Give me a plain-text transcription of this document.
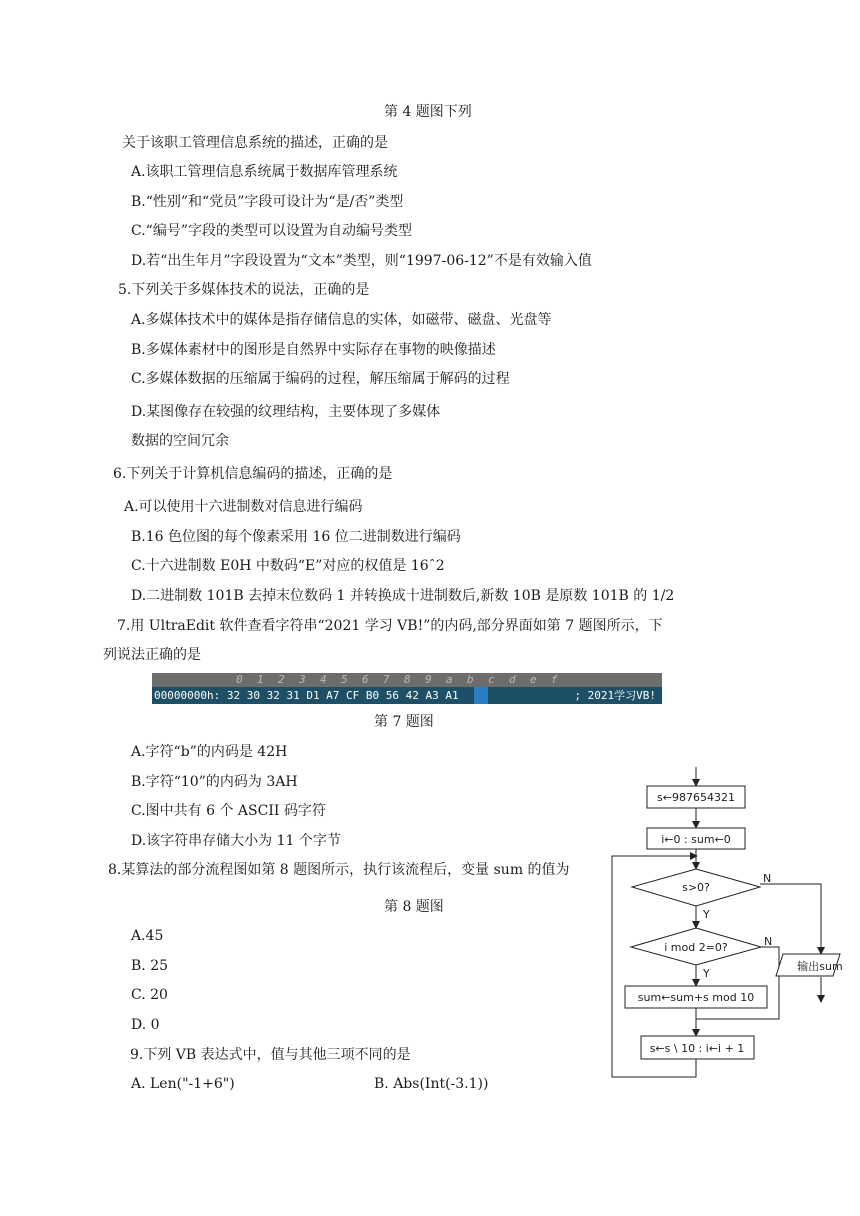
第 4 题图下列
关于该职工管理信息系统的描述，正确的是
A.该职工管理信息系统属于数据库管理系统
B.“性别”和“党员”字段可设计为“是/否”类型
C.“编号”字段的类型可以设置为自动编号类型
D.若“出生年月”字段设置为“文本”类型，则“1997-06-12”不是有效输入值
5.下列关于多媒体技术的说法，正确的是
A.多媒体技术中的媒体是指存储信息的实体，如磁带、磁盘、光盘等
B.多媒体素材中的图形是自然界中实际存在事物的映像描述
C.多媒体数据的压缩属于编码的过程，解压缩属于解码的过程
D.某图像存在较强的纹理结构，主要体现了多媒体
数据的空间冗余
6.下列关于计算机信息编码的描述，正确的是
A.可以使用十六进制数对信息进行编码
B.16 色位图的每个像素采用 16 位二进制数进行编码
C.十六进制数 E0H 中数码“E”对应的权值是 16ˆ2
D.二进制数 101B 去掉末位数码 1 并转换成十进制数后,新数 10B 是原数 101B 的 1/2
7.用 UltraEdit 软件查看字符串“2021 学习 VB!”的内码,部分界面如第 7 题图所示，下
列说法正确的是
0 1 2 3 4 5 6 7 8 9 a b c d e f
00000000h: 32 30 32 31 D1 A7 CF B0 56 42 A3 A1	; 2021学习VB!
第 7 题图
A.字符“b”的内码是 42H
B.字符“10”的内码为 3AH
C.图中共有 6 个 ASCII 码字符
D.该字符串存储大小为 11 个字节
8.某算法的部分流程图如第 8 题图所示，执行该流程后，变量 sum 的值为
第 8 题图
A.45
B. 25
C. 20
D. 0
9.下列 VB 表达式中，值与其他三项不同的是
A. Len("-1+6")	B. Abs(Int(-3.1))
s←987654321
i←0 : sum←0
s>0?
i mod 2=0?
sum←sum+s mod 10
s←s \ 10 : i←i + 1
输出sum
Y
Y
N
N
